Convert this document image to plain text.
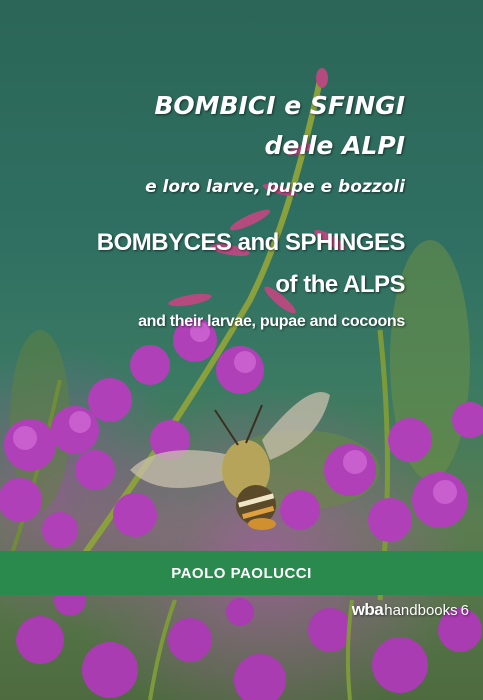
BOMBICI e SFINGI
delle ALPI
e loro larve, pupe e bozzoli
BOMBYCES and SPHINGES
of the ALPS
and their larvae, pupae and cocoons
PAOLO PAOLUCCI
wba handbooks 6
